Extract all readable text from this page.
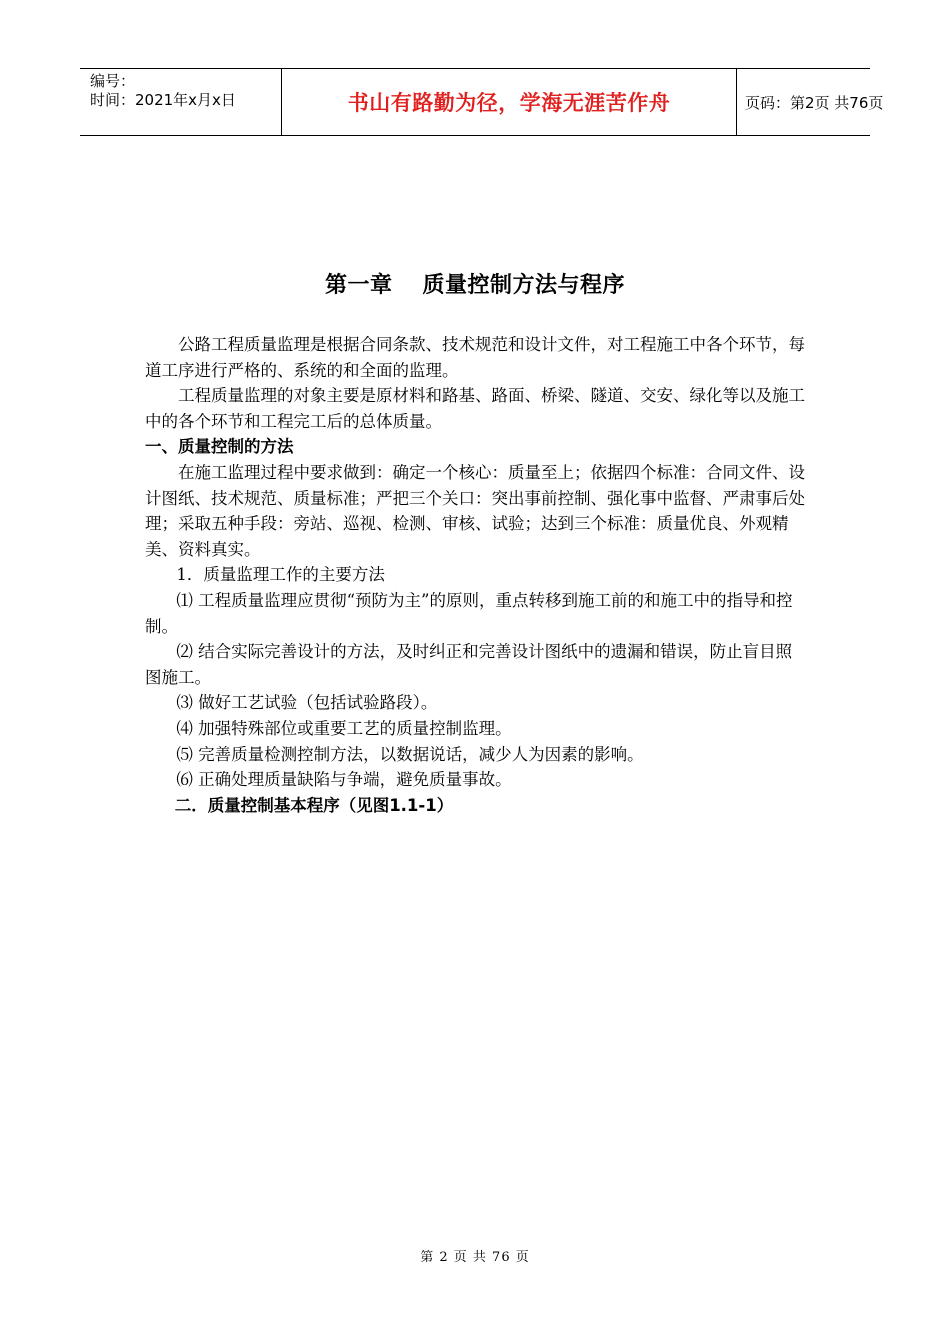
编号：
时间：2021年x月x日	书山有路勤为径，学海无涯苦作舟	页码：第2页 共76页
第一章 质量控制方法与程序

公路工程质量监理是根据合同条款、技术规范和设计文件，对工程施工中各个环节，每道工序进行严格的、系统的和全面的监理。

工程质量监理的对象主要是原材料和路基、路面、桥梁、隧道、交安、绿化等以及施工中的各个环节和工程完工后的总体质量。

一、质量控制的方法

在施工监理过程中要求做到：确定一个核心：质量至上；依据四个标准：合同文件、设计图纸、技术规范、质量标准；严把三个关口：突出事前控制、强化事中监督、严肃事后处理；采取五种手段：旁站、巡视、检测、审核、试验；达到三个标准：质量优良、外观精美、资料真实。

1．质量监理工作的主要方法

⑴ 工程质量监理应贯彻“预防为主”的原则，重点转移到施工前的和施工中的指导和控制。

⑵ 结合实际完善设计的方法，及时纠正和完善设计图纸中的遗漏和错误，防止盲目照图施工。

⑶ 做好工艺试验（包括试验路段）。

⑷ 加强特殊部位或重要工艺的质量控制监理。

⑸ 完善质量检测控制方法，以数据说话，减少人为因素的影响。

⑹ 正确处理质量缺陷与争端，避免质量事故。

二．质量控制基本程序（见图1.1-1）

第 2 页 共 76 页
